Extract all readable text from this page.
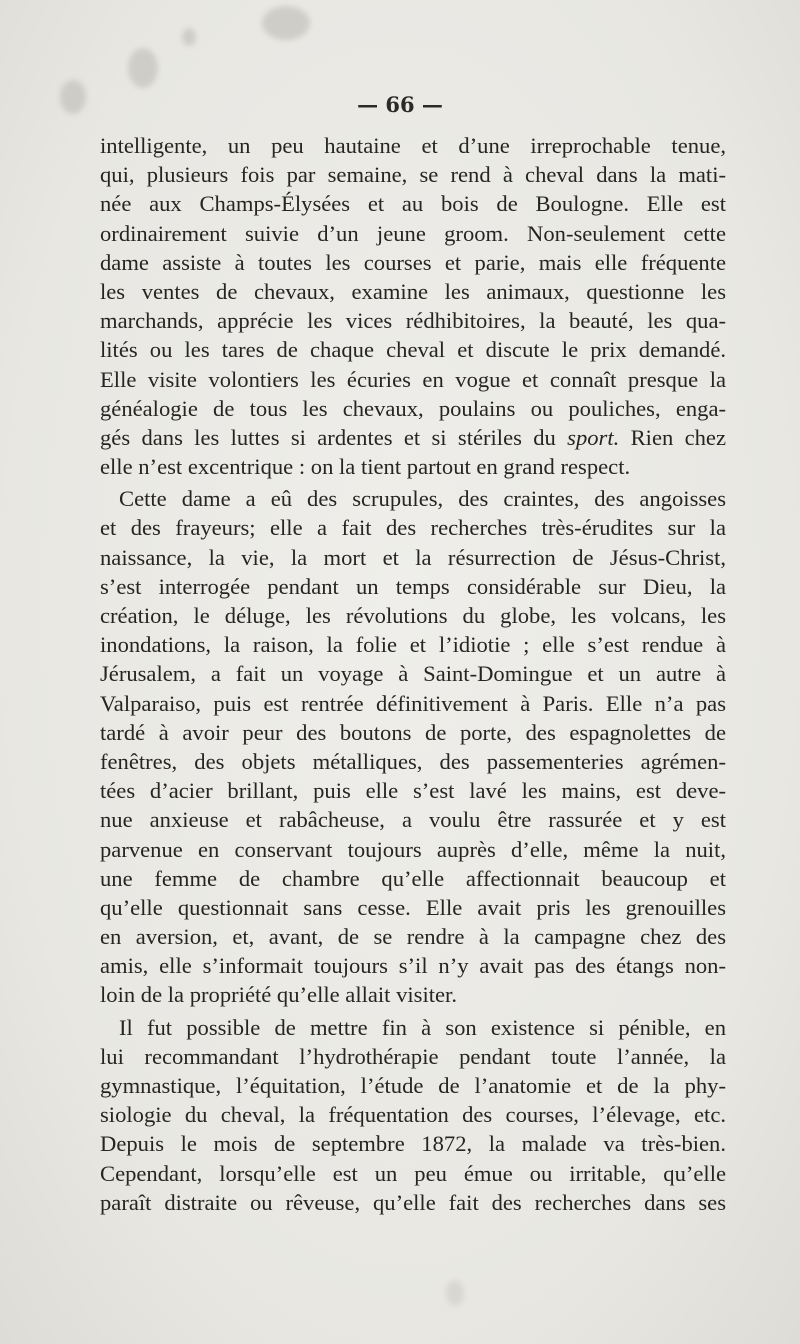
— 66 —
intelligente, un peu hautaine et d’une irreprochable tenue,
qui, plusieurs fois par semaine, se rend à cheval dans la mati-
née aux Champs-Élysées et au bois de Boulogne. Elle est
ordinairement suivie d’un jeune groom. Non-seulement cette
dame assiste à toutes les courses et parie, mais elle fréquente
les ventes de chevaux, examine les animaux, questionne les
marchands, apprécie les vices rédhibitoires, la beauté, les qua-
lités ou les tares de chaque cheval et discute le prix demandé.
Elle visite volontiers les écuries en vogue et connaît presque la
généalogie de tous les chevaux, poulains ou pouliches, enga-
gés dans les luttes si ardentes et si stériles du sport. Rien chez
elle n’est excentrique : on la tient partout en grand respect.
Cette dame a eû des scrupules, des craintes, des angoisses
et des frayeurs; elle a fait des recherches très-érudites sur la
naissance, la vie, la mort et la résurrection de Jésus-Christ,
s’est interrogée pendant un temps considérable sur Dieu, la
création, le déluge, les révolutions du globe, les volcans, les
inondations, la raison, la folie et l’idiotie ; elle s’est rendue à
Jérusalem, a fait un voyage à Saint-Domingue et un autre à
Valparaiso, puis est rentrée définitivement à Paris. Elle n’a pas
tardé à avoir peur des boutons de porte, des espagnolettes de
fenêtres, des objets métalliques, des passementeries agrémen-
tées d’acier brillant, puis elle s’est lavé les mains, est deve-
nue anxieuse et rabâcheuse, a voulu être rassurée et y est
parvenue en conservant toujours auprès d’elle, même la nuit,
une femme de chambre qu’elle affectionnait beaucoup et
qu’elle questionnait sans cesse. Elle avait pris les grenouilles
en aversion, et, avant, de se rendre à la campagne chez des
amis, elle s’informait toujours s’il n’y avait pas des étangs non-
loin de la propriété qu’elle allait visiter.
Il fut possible de mettre fin à son existence si pénible, en
lui recommandant l’hydrothérapie pendant toute l’année, la
gymnastique, l’équitation, l’étude de l’anatomie et de la phy-
siologie du cheval, la fréquentation des courses, l’élevage, etc.
Depuis le mois de septembre 1872, la malade va très-bien.
Cependant, lorsqu’elle est un peu émue ou irritable, qu’elle
paraît distraite ou rêveuse, qu’elle fait des recherches dans ses
